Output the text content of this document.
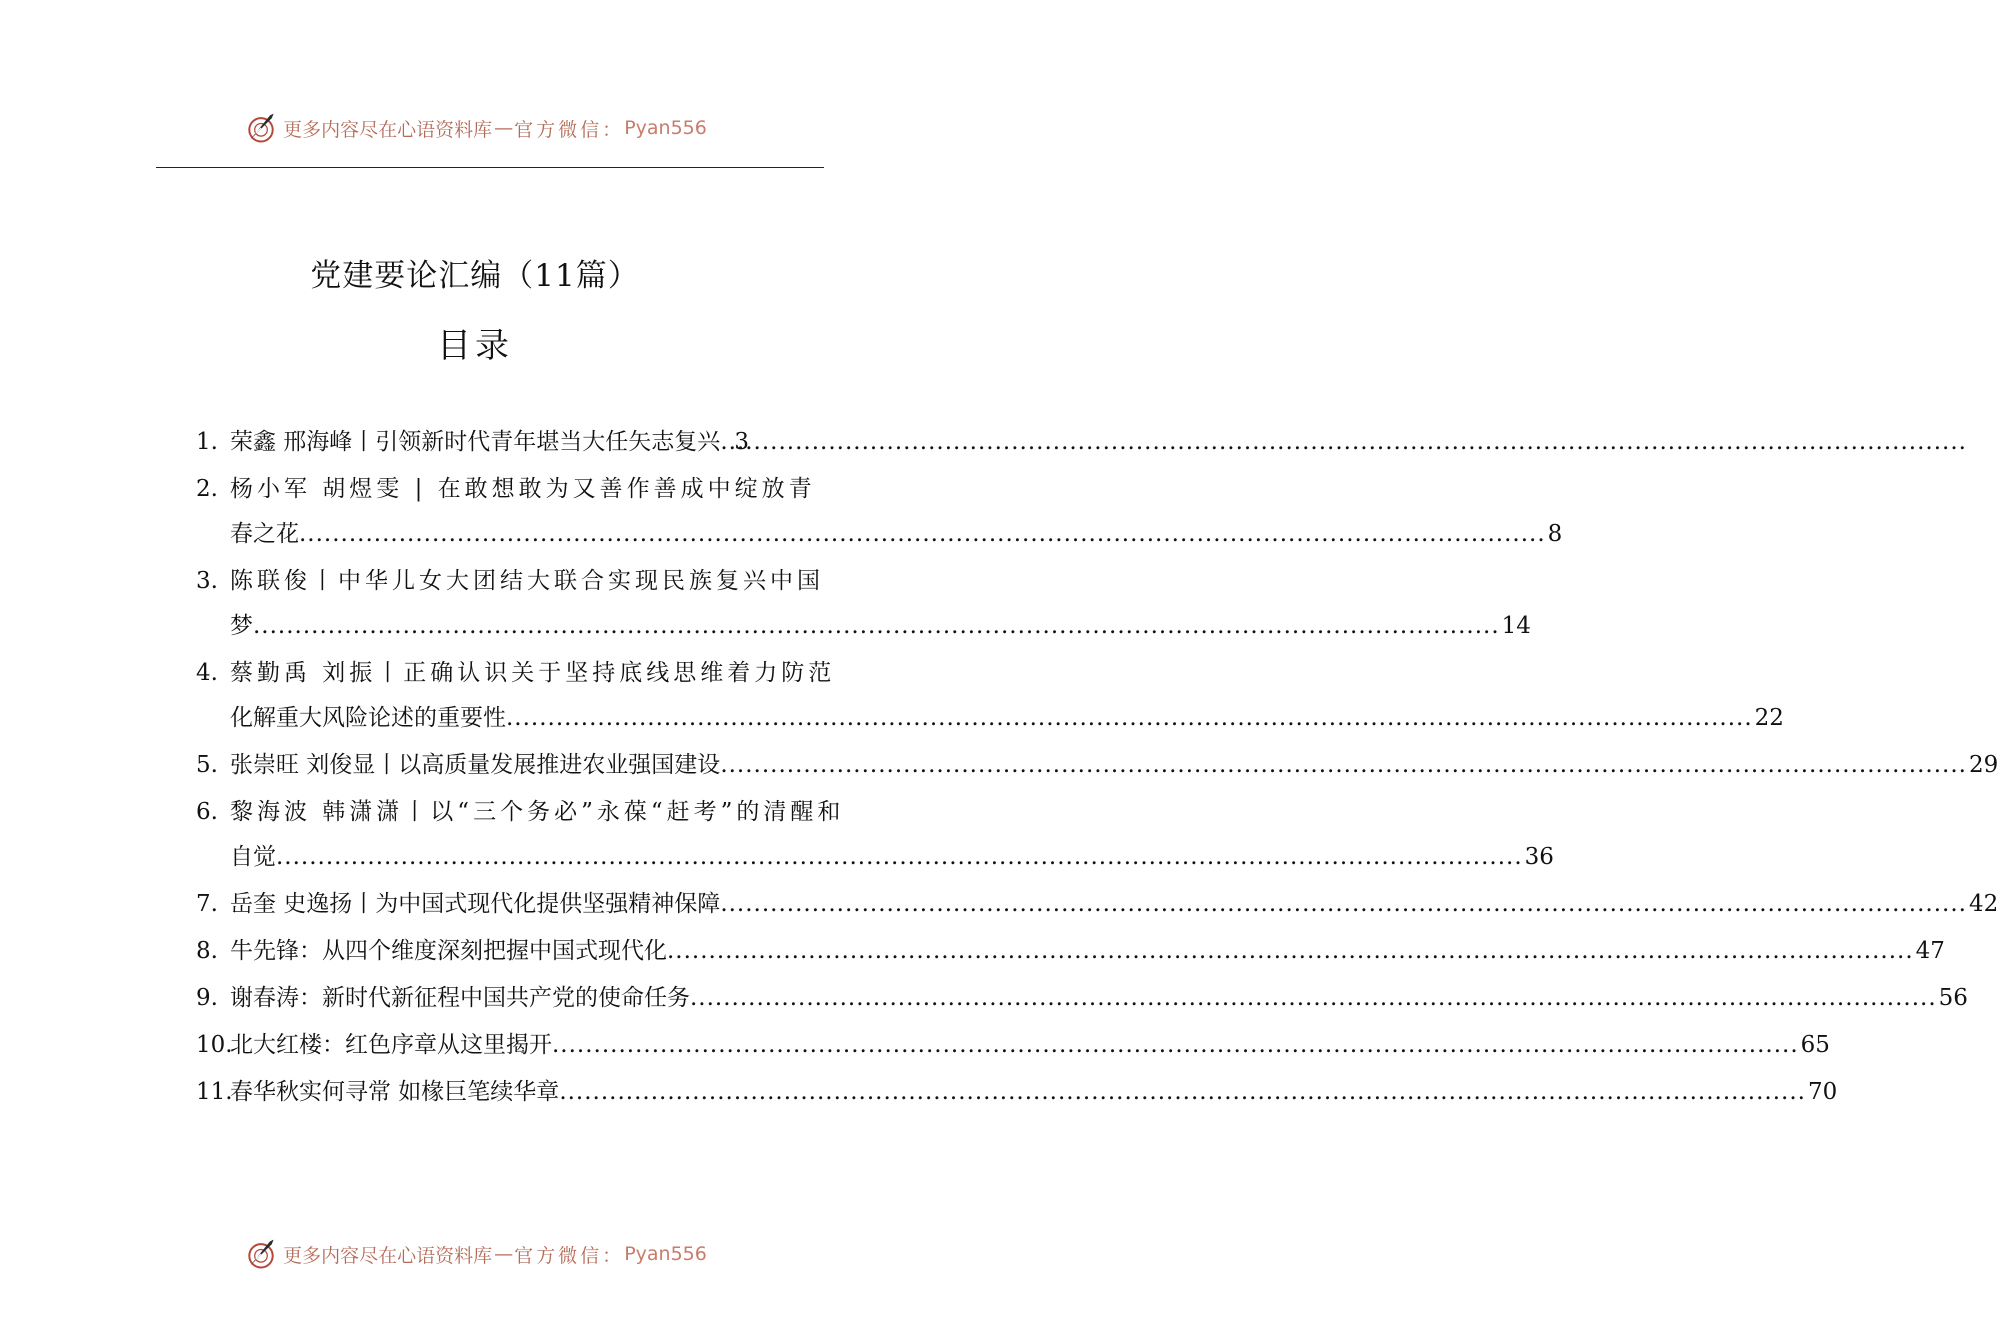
更多内容尽在心语资料库 — 官方微信： Pyan556
党建要论汇编（11篇）
目录
1. 荣鑫 邢海峰丨引领新时代青年堪当大任矢志复兴 ..... 3
2. 杨小军 胡煜雯 | 在敢想敢为又善作善成中绽放青
春之花 .....	8
3. 陈联俊丨中华儿女大团结大联合实现民族复兴中国
梦 .....	14
4. 蔡勤禹 刘振丨正确认识关于坚持底线思维着力防范
化解重大风险论述的重要性 .....	22
5. 张崇旺 刘俊显丨以高质量发展推进农业强国建设 .....	29
6. 黎海波 韩潇潇丨以“三个务必”永葆“赶考”的清醒和
自觉 .....	36
7. 岳奎 史逸扬丨为中国式现代化提供坚强精神保障 .....	42
8. 牛先锋：从四个维度深刻把握中国式现代化 .....	47
9. 谢春涛：新时代新征程中国共产党的使命任务 .....	56
10.
北大红楼：红色序章从这里揭开 .....	65
11.
春华秋实何寻常 如椽巨笔续华章 .....	70
更多内容尽在心语资料库 — 官方微信： Pyan556
